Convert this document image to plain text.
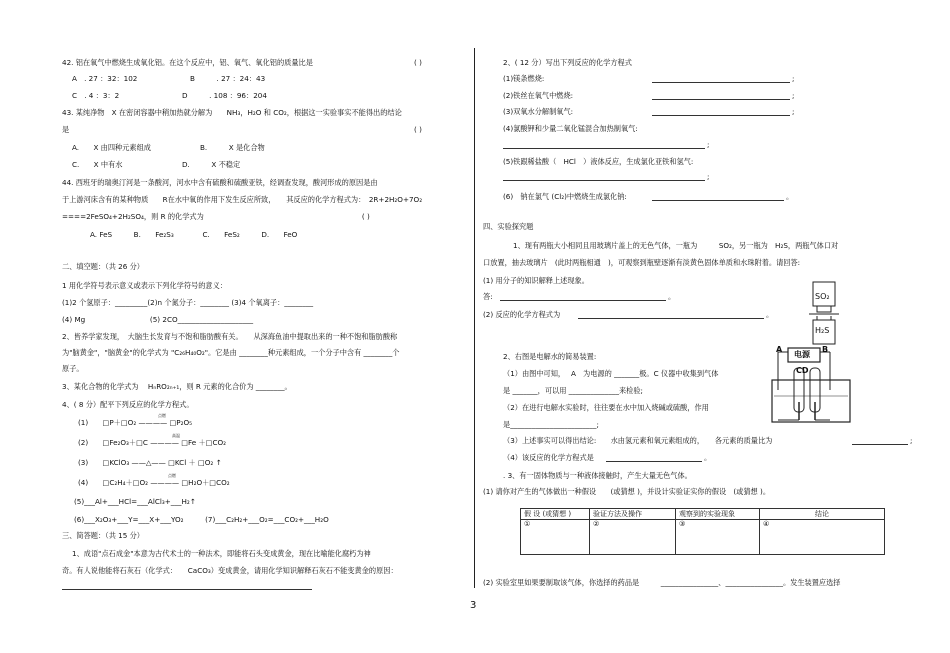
42. 铝在氧气中燃烧生成氧化铝。在这个反应中，铝、氧气、氧化铝的质量比是	( )
A　. 27 ：32：102	B　　　. 27 ：24：43
C　. 4 ：3：2	D　　　. 108 ：96：204
43. 某纯净物　X 在密闭容器中稍加热就分解为　　NH₃，H₂O 和 CO₂，根据这一实验事实不能得出的结论
是	( )
A.　　X 由四种元素组成	B.　　　X 是化合物
C.　　X 中有水	D.　　　X 不稳定
44. 西班牙的瑞奥汀河是一条酸河，河水中含有硫酸和硫酸亚铁，经调查发现，酸河形成的原因是由
于上游河床含有的某种物质　　R在水中氧的作用下发生反应所致，　　其反应的化学方程式为：　2R+2H₂O+7O₂
====2FeSO₄+2H₂SO₄，则 R 的化学式为　　　　　　　　　　　　　　　　　　　　　　( )
A. FeS　　　B.　　Fe₂S₃　　　　C.　　FeS₂　　　D.　　FeO
二、填空题：（共 26 分）
1 用化学符号表示意义或表示下列化学符号的意义：
(1)2 个氢原子：_________(2)n 个氮分子：________ (3)4 个氧离子：________
(4) Mg　　　　　　　　　(5) 2CO_____________________
2、皆养学家发现，　大脑生长发育与不饱和脂肪酸有关。　　从深海鱼油中提取出来的一种不饱和脂肪酸称
为"脑黄金"，"脑黄金"的化学式为 "C₂₆H₄₀O₂"。它是由 ________种元素组成，一个分子中含有 ________个
原子。
3、某化合物的化学式为　 HₙRO₂ₙ₊₁，则 R 元素的化合价为 ________。
4、( 8 分）配平下列反应的化学方程式。
点燃
(1)　　□P＋□O₂ ———— □P₂O₅
高温
(2)　　□Fe₂O₃＋□C ———— □Fe ＋□CO₂
(3)　　□KClO₃ ——△—— □KCl ＋ □O₂ ↑
点燃
(4)　　□C₂H₄＋□O₂ ———— □H₂O＋□CO₂
(5)___Al+___HCl=___AlCl₃+___H₂↑
(6)___X₂O₃+___Y=___X+___YO₂　　　(7)___C₂H₂+___O₂=___CO₂+___H₂O
三、简答题：（共 15 分）
1、成语"点石成金"本意为古代术士的一种法术，即能将石头变成黄金，现在比喻能化腐朽为神
奇。有人说他能将石灰石（化学式：　　CaCO₃）变成黄金，请用化学知识解释石灰石不能变黄金的原因：
2、( 12 分）写出下列反应的化学方程式
(1)镁条燃烧:	;
(2)铁丝在氧气中燃烧:	;
(3)双氧水分解制氧气:	;
(4)氯酸钾和少量二氧化锰混合加热制氧气:
;
(5)铁跟稀盐酸（　HCl　）液体反应，生成氯化亚铁和氢气:
;
(6)　钠在氯气 (Cl₂)中燃烧生成氯化钠:	。
四、实验探究题
1、现有两瓶大小相同且用玻璃片盖上的无色气体，一瓶为　　　SO₂，另一瓶为　H₂S，两瓶气体口对
口放置，抽去玻璃片　(此时两瓶相通　)，可观察到瓶壁逐渐有淡黄色固体单质和水珠附着。请回答:
(1) 用分子的知识解释上述现象。
答:	。
(2) 反应的化学方程式为	。
SO₂
H₂S
2、右图是电解水的简易装置:
（1）由图中可知，　 A　为电源的 _______极。C 仪器中收集到气体
是 _______，可以用 ______________来检验;
（2）在进行电解水实验时，往往要在水中加入烧碱或硫酸，作用
是________________________;
（3）上述事实可以得出结论:　　水由氢元素和氧元素组成的，　　各元素的质量比为	;
（4）该反应的化学方程式是	。
A
电源
B
CD
. 3、有一固体物质与一种液体接触时，产生大量无色气体。
(1) 请你对产生的气体做出一种假设　　(或猜想 )，并设计实验证实你的假设　(或猜想 )。
假 设 (或猜想 )	验证方法及操作	观察到的实验现象	结论
①	②	③	④
(2) 实验室里如果要制取该气体，你选择的药品是　　　________________、________________。发生装置应选择
3
